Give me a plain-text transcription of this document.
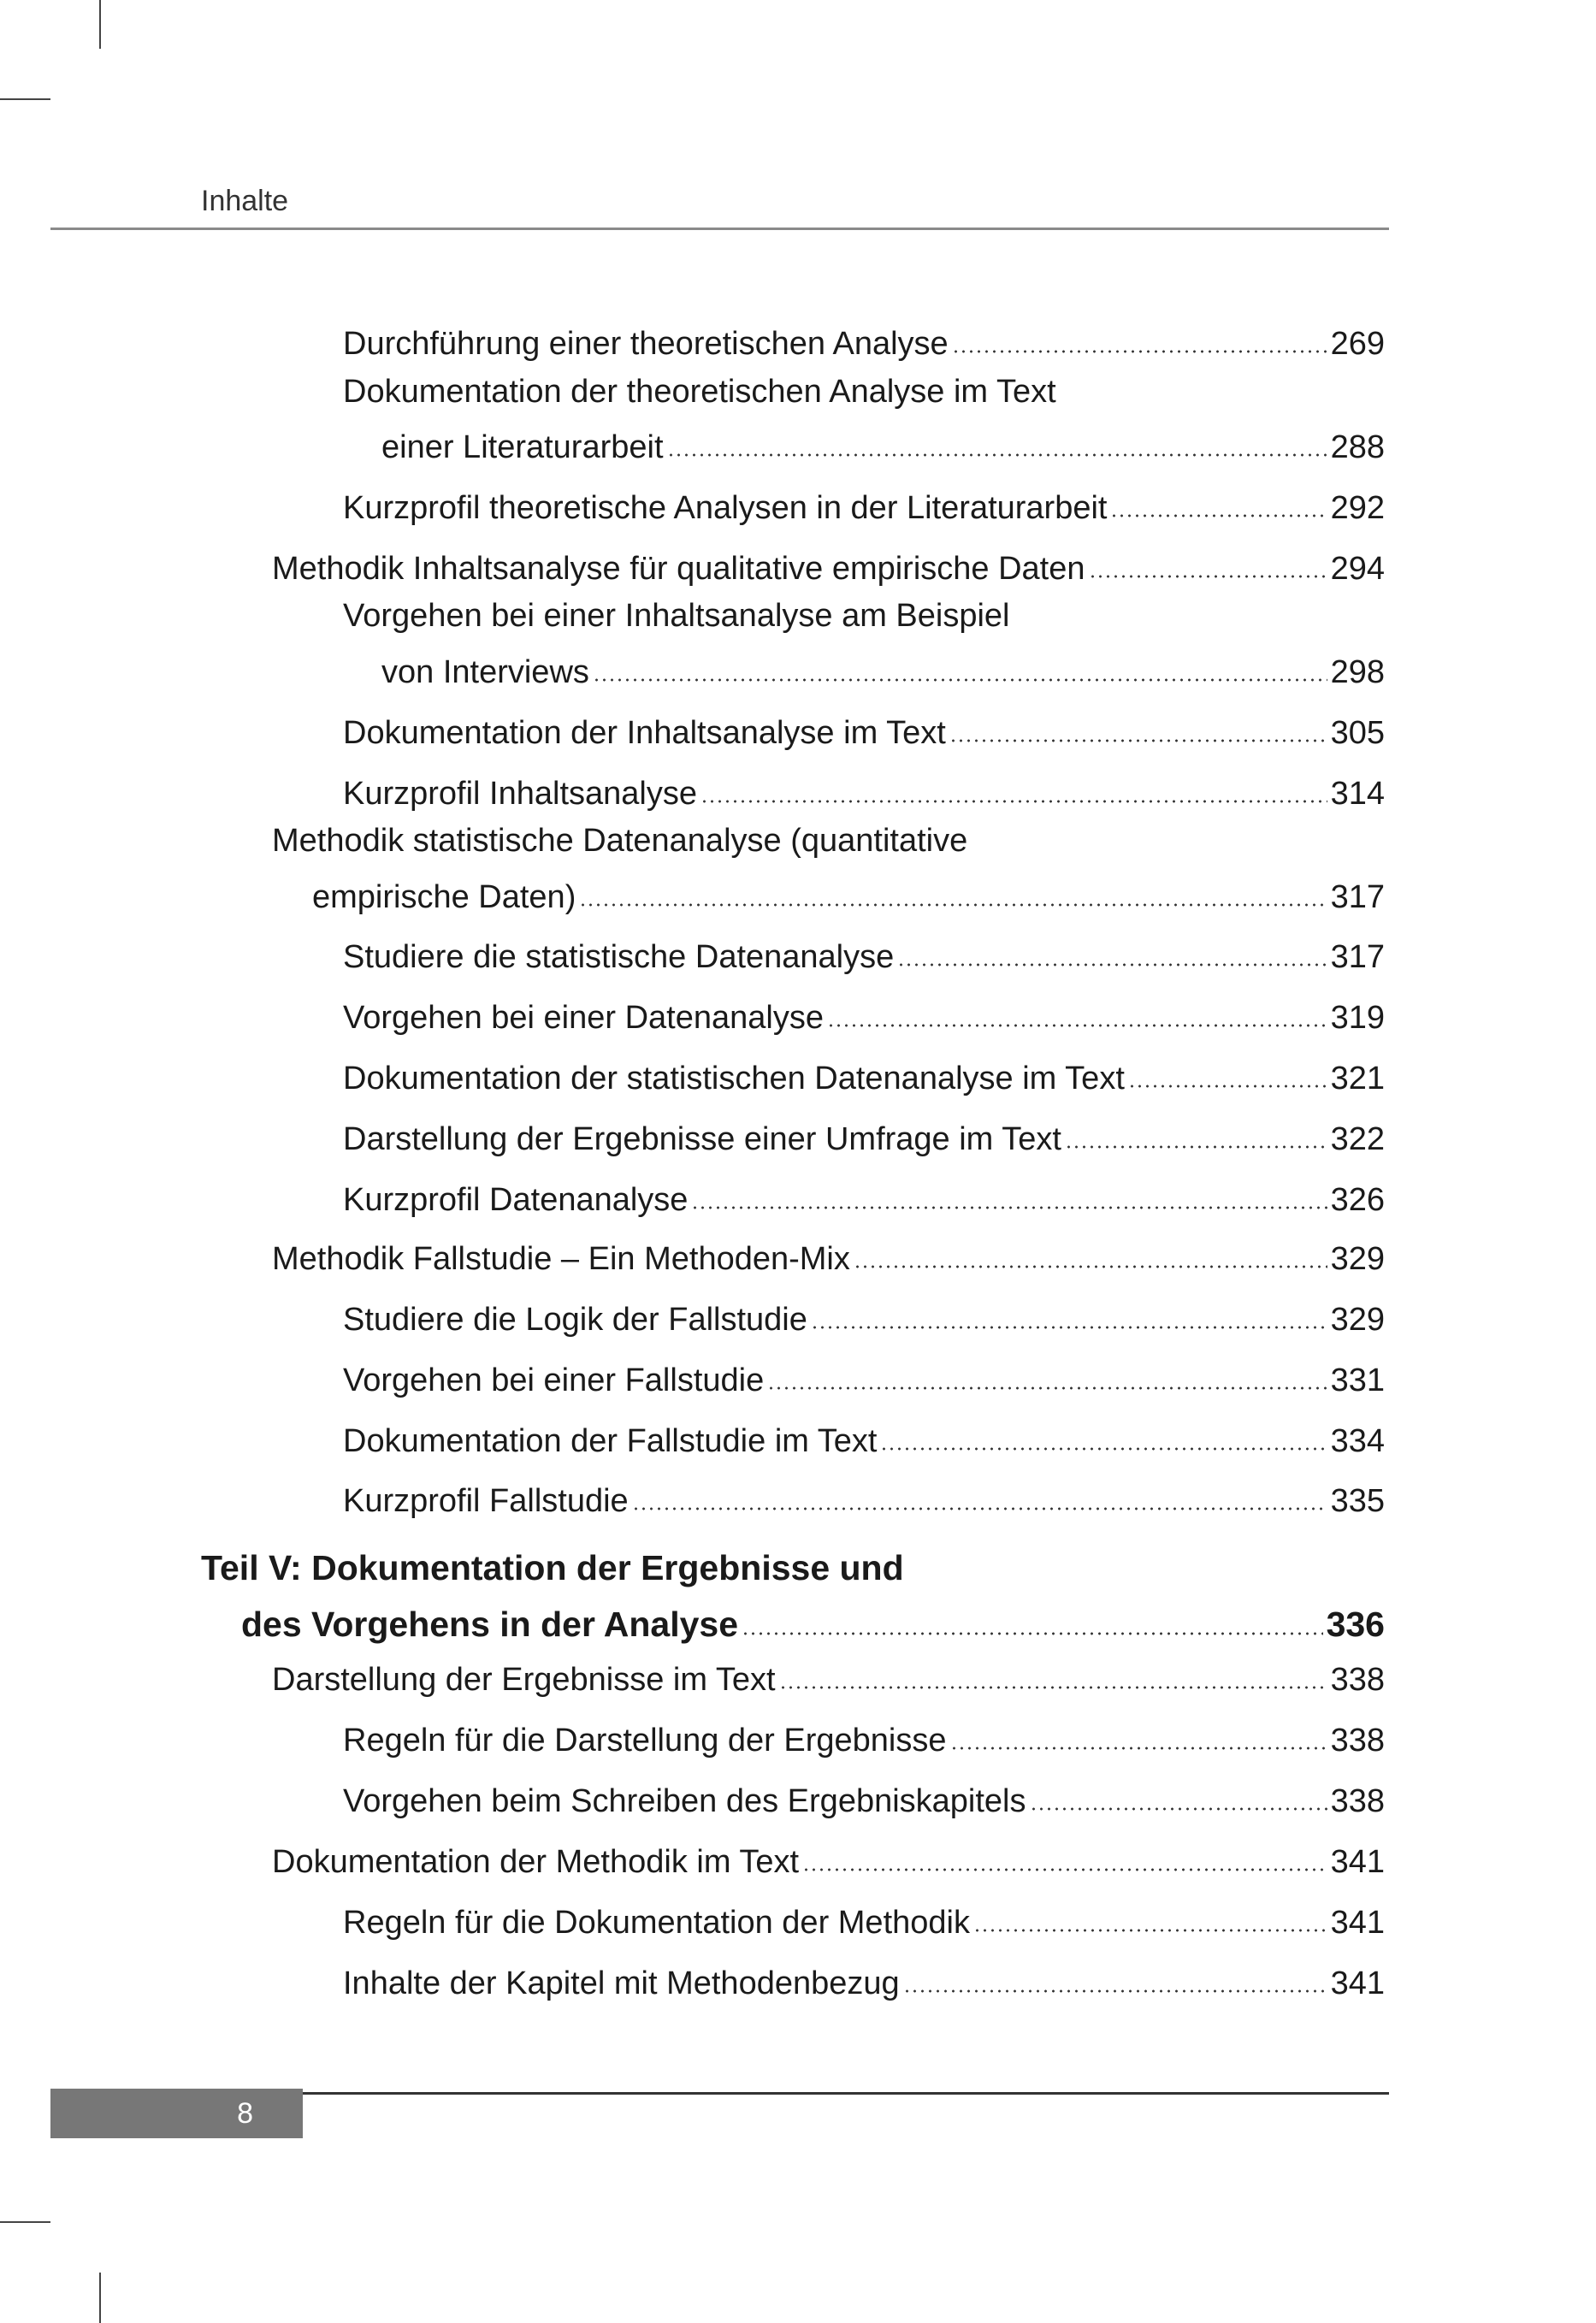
Inhalte
Durchführung einer theoretischen Analyse	269
Dokumentation der theoretischen Analyse im Text
einer Literaturarbeit	288
Kurzprofil theoretische Analysen in der Literaturarbeit	292
Methodik Inhaltsanalyse für qualitative empirische Daten	294
Vorgehen bei einer Inhaltsanalyse am Beispiel
von Interviews	298
Dokumentation der Inhaltsanalyse im Text	305
Kurzprofil Inhaltsanalyse	314
Methodik statistische Datenanalyse (quantitative
empirische Daten)	317
Studiere die statistische Datenanalyse	317
Vorgehen bei einer Datenanalyse	319
Dokumentation der statistischen Datenanalyse im Text	321
Darstellung der Ergebnisse einer Umfrage im Text	322
Kurzprofil Datenanalyse	326
Methodik Fallstudie – Ein Methoden-Mix	329
Studiere die Logik der Fallstudie	329
Vorgehen bei einer Fallstudie	331
Dokumentation der Fallstudie im Text	334
Kurzprofil Fallstudie	335
Teil V: Dokumentation der Ergebnisse und
des Vorgehens in der Analyse	336
Darstellung der Ergebnisse im Text	338
Regeln für die Darstellung der Ergebnisse	338
Vorgehen beim Schreiben des Ergebniskapitels	338
Dokumentation der Methodik im Text	341
Regeln für die Dokumentation der Methodik	341
Inhalte der Kapitel mit Methodenbezug	341
8
